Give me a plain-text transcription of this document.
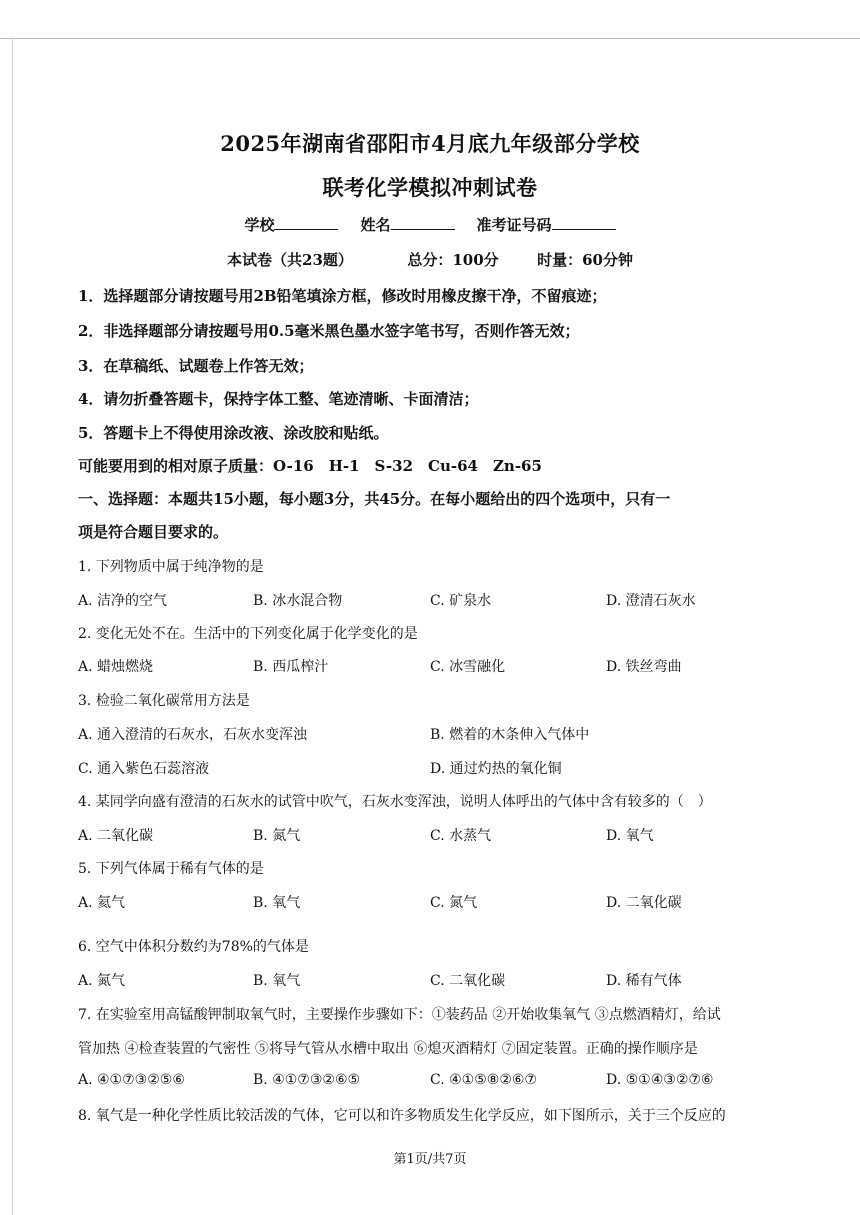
2025年湖南省邵阳市4月底九年级部分学校
联考化学模拟冲刺试卷
学校	姓名	准考证号码
本试卷（共23题）	总分：100分	时量：60分钟
1．选择题部分请按题号用2B铅笔填涂方框，修改时用橡皮擦干净，不留痕迹；
2．非选择题部分请按题号用0.5毫米黑色墨水签字笔书写，否则作答无效；
3．在草稿纸、试题卷上作答无效；
4．请勿折叠答题卡，保持字体工整、笔迹清晰、卡面清洁；
5．答题卡上不得使用涂改液、涂改胶和贴纸。
可能要用到的相对原子质量：O-16　H-1　S-32　Cu-64　Zn-65
一、选择题：本题共15小题，每小题3分，共45分。在每小题给出的四个选项中，只有一
项是符合题目要求的。
1. 下列物质中属于纯净物的是
A. 洁净的空气	B. 冰水混合物	C. 矿泉水	D. 澄清石灰水
2. 变化无处不在。生活中的下列变化属于化学变化的是
A. 蜡烛燃烧	B. 西瓜榨汁	C. 冰雪融化	D. 铁丝弯曲
3. 检验二氧化碳常用方法是
A. 通入澄清的石灰水，石灰水变浑浊	B. 燃着的木条伸入气体中
C. 通入紫色石蕊溶液	D. 通过灼热的氧化铜
4. 某同学向盛有澄清的石灰水的试管中吹气，石灰水变浑浊，说明人体呼出的气体中含有较多的（　）
A. 二氧化碳	B. 氮气	C. 水蒸气	D. 氧气
5. 下列气体属于稀有气体的是
A. 氦气	B. 氧气	C. 氮气	D. 二氧化碳
6. 空气中体积分数约为78%的气体是
A. 氮气	B. 氧气	C. 二氧化碳	D. 稀有气体
7. 在实验室用高锰酸钾制取氧气时，主要操作步骤如下：①装药品 ②开始收集氧气 ③点燃酒精灯，给试
管加热 ④检查装置的气密性 ⑤将导气管从水槽中取出 ⑥熄灭酒精灯 ⑦固定装置。正确的操作顺序是
A. ④①⑦③②⑤⑥	B. ④①⑦③②⑥⑤	C. ④①⑤⑧②⑥⑦	D. ⑤①④③②⑦⑥
8. 氧气是一种化学性质比较活泼的气体，它可以和许多物质发生化学反应，如下图所示，关于三个反应的
第1页/共7页
